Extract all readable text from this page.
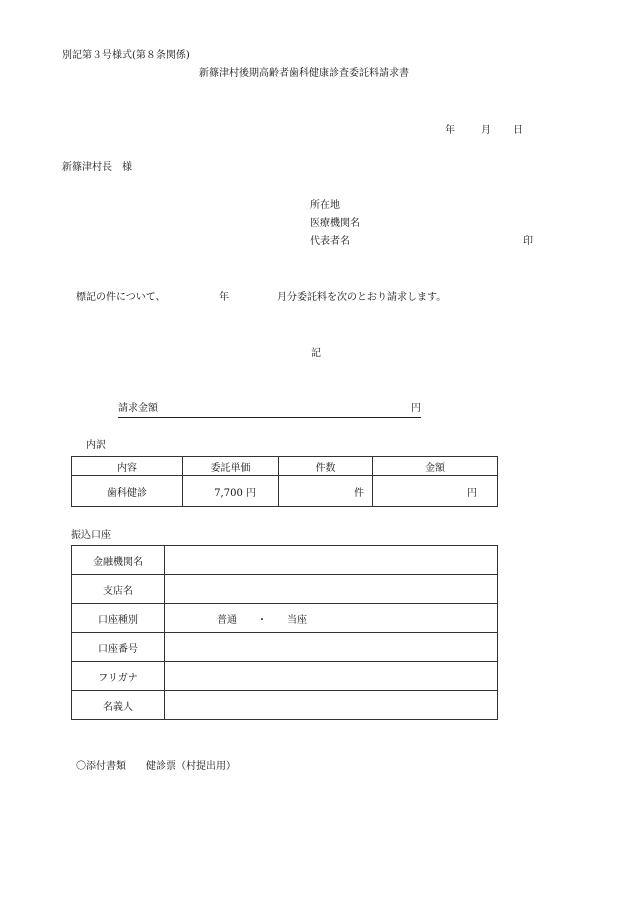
別記第３号様式(第８条関係)
新篠津村後期高齢者歯科健康診査委託料請求書
年	月 日
新篠津村長　様
所在地
医療機関名
代表者名	印
標記の件について、	年	月分委託料を次のとおり請求します。
記
請求金額	円
内訳
内容	委託単価	件数	金額
歯科健診	7,700 円	件	円
振込口座
金融機関名	
支店名	
口座種別	普通　　・　　当座
口座番号	
フリガナ	
名義人	
〇添付書類　　健診票（村提出用）
